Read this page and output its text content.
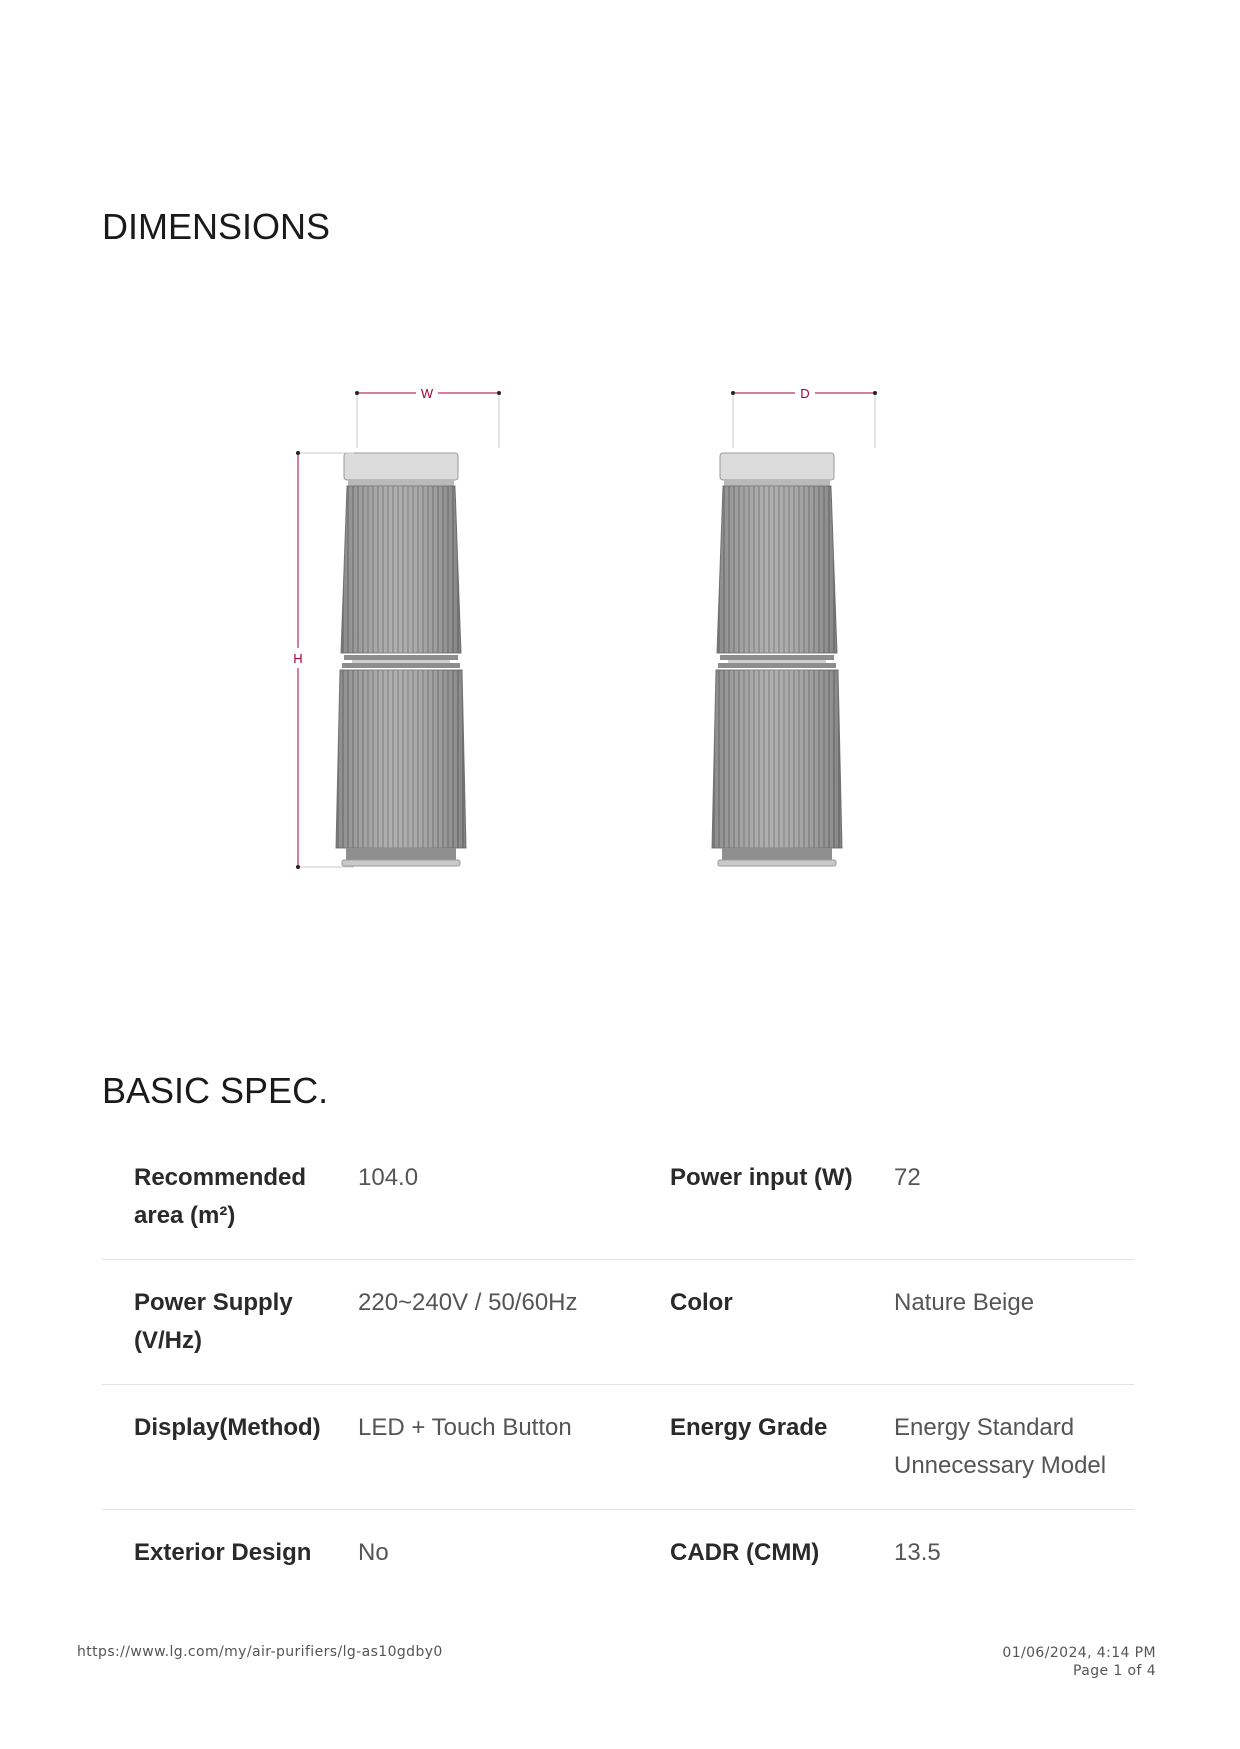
DIMENSIONS
W
H
D
BASIC SPEC.
Recommended area (m²)	104.0	Power input (W)	72
Power Supply (V/Hz)	220~240V / 50/60Hz	Color	Nature Beige
Display(Method)	LED + Touch Button	Energy Grade	Energy Standard Unnecessary Model
Exterior Design	No	CADR (CMM)	13.5
https://www.lg.com/my/air-purifiers/lg-as10gdby0	01/06/2024, 4:14 PM
Page 1 of 4
